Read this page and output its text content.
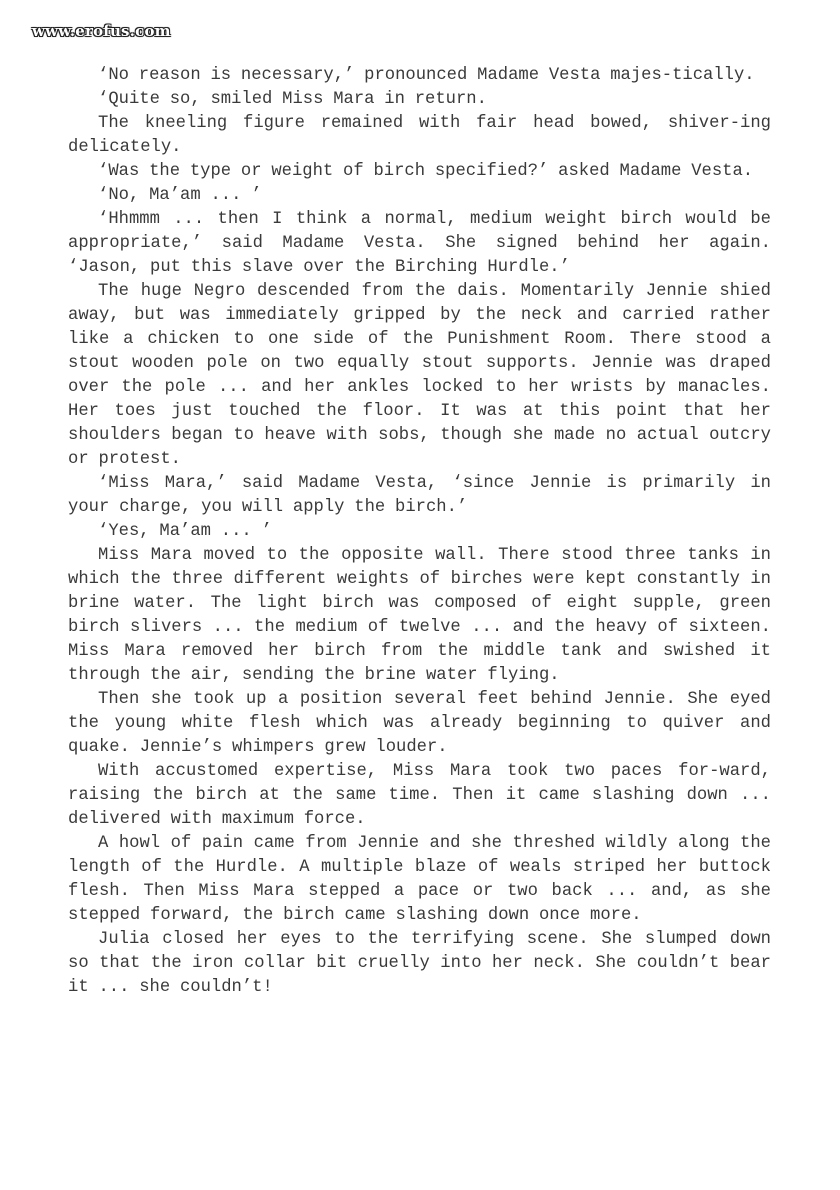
www.erofus.com

‘No reason is necessary,’ pronounced Madame Vesta majes-tically.

‘Quite so, smiled Miss Mara in return.

The kneeling figure remained with fair head bowed, shiver-ing delicately.

‘Was the type or weight of birch specified?’ asked Madame Vesta.

‘No, Ma’am ... ’

‘Hhmmm ... then I think a normal, medium weight birch would be appropriate,’ said Madame Vesta. She signed behind her again. ‘Jason, put this slave over the Birching Hurdle.’

The huge Negro descended from the dais. Momentarily Jennie shied away, but was immediately gripped by the neck and carried rather like a chicken to one side of the Punishment Room. There stood a stout wooden pole on two equally stout supports. Jennie was draped over the pole ... and her ankles locked to her wrists by manacles. Her toes just touched the floor. It was at this point that her shoulders began to heave with sobs, though she made no actual outcry or protest.

‘Miss Mara,’ said Madame Vesta, ‘since Jennie is primarily in your charge, you will apply the birch.’

‘Yes, Ma’am ... ’

Miss Mara moved to the opposite wall. There stood three tanks in which the three different weights of birches were kept constantly in brine water. The light birch was composed of eight supple, green birch slivers ... the medium of twelve ... and the heavy of sixteen. Miss Mara removed her birch from the middle tank and swished it through the air, sending the brine water flying.

Then she took up a position several feet behind Jennie. She eyed the young white flesh which was already beginning to quiver and quake. Jennie’s whimpers grew louder.

With accustomed expertise, Miss Mara took two paces for-ward, raising the birch at the same time. Then it came slashing down ... delivered with maximum force.

A howl of pain came from Jennie and she threshed wildly along the length of the Hurdle. A multiple blaze of weals striped her buttock flesh. Then Miss Mara stepped a pace or two back ... and, as she stepped forward, the birch came slashing down once more.

Julia closed her eyes to the terrifying scene. She slumped down so that the iron collar bit cruelly into her neck. She couldn’t bear it ... she couldn’t!
